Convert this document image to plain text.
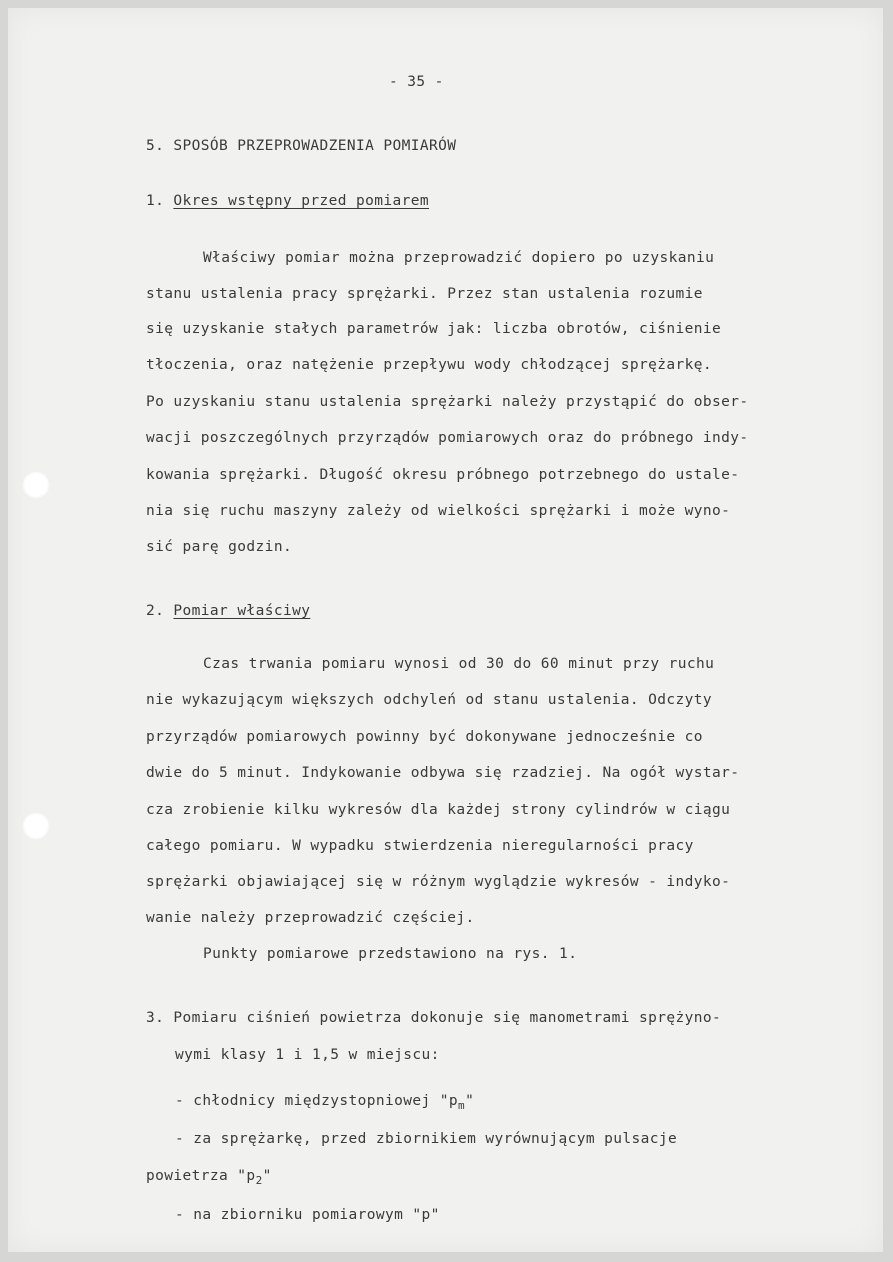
- 35 -
5. SPOSÓB PRZEPROWADZENIA POMIARÓW
1. Okres wstępny przed pomiarem
Właściwy pomiar można przeprowadzić dopiero po uzyskaniu
stanu ustalenia pracy sprężarki. Przez stan ustalenia rozumie
się uzyskanie stałych parametrów jak: liczba obrotów, ciśnienie
tłoczenia, oraz natężenie przepływu wody chłodzącej sprężarkę.
Po uzyskaniu stanu ustalenia sprężarki należy przystąpić do obser-
wacji poszczególnych przyrządów pomiarowych oraz do próbnego indy-
kowania sprężarki. Długość okresu próbnego potrzebnego do ustale-
nia się ruchu maszyny zależy od wielkości sprężarki i może wyno-
sić parę godzin.
2. Pomiar właściwy
Czas trwania pomiaru wynosi od 30 do 60 minut przy ruchu
nie wykazującym większych odchyleń od stanu ustalenia. Odczyty
przyrządów pomiarowych powinny być dokonywane jednocześnie co
dwie do 5 minut. Indykowanie odbywa się rzadziej. Na ogół wystar-
cza zrobienie kilku wykresów dla każdej strony cylindrów w ciągu
całego pomiaru. W wypadku stwierdzenia nieregularności pracy
sprężarki objawiającej się w różnym wyglądzie wykresów - indyko-
wanie należy przeprowadzić częściej.
Punkty pomiarowe przedstawiono na rys. 1.
3. Pomiaru ciśnień powietrza dokonuje się manometrami sprężyno-
wymi klasy 1 i 1,5 w miejscu:
- chłodnicy międzystopniowej "$p_m$"
- za sprężarkę, przed zbiornikiem wyrównującym pulsacje
powietrza "$p_2$"
- na zbiorniku pomiarowym "p"
